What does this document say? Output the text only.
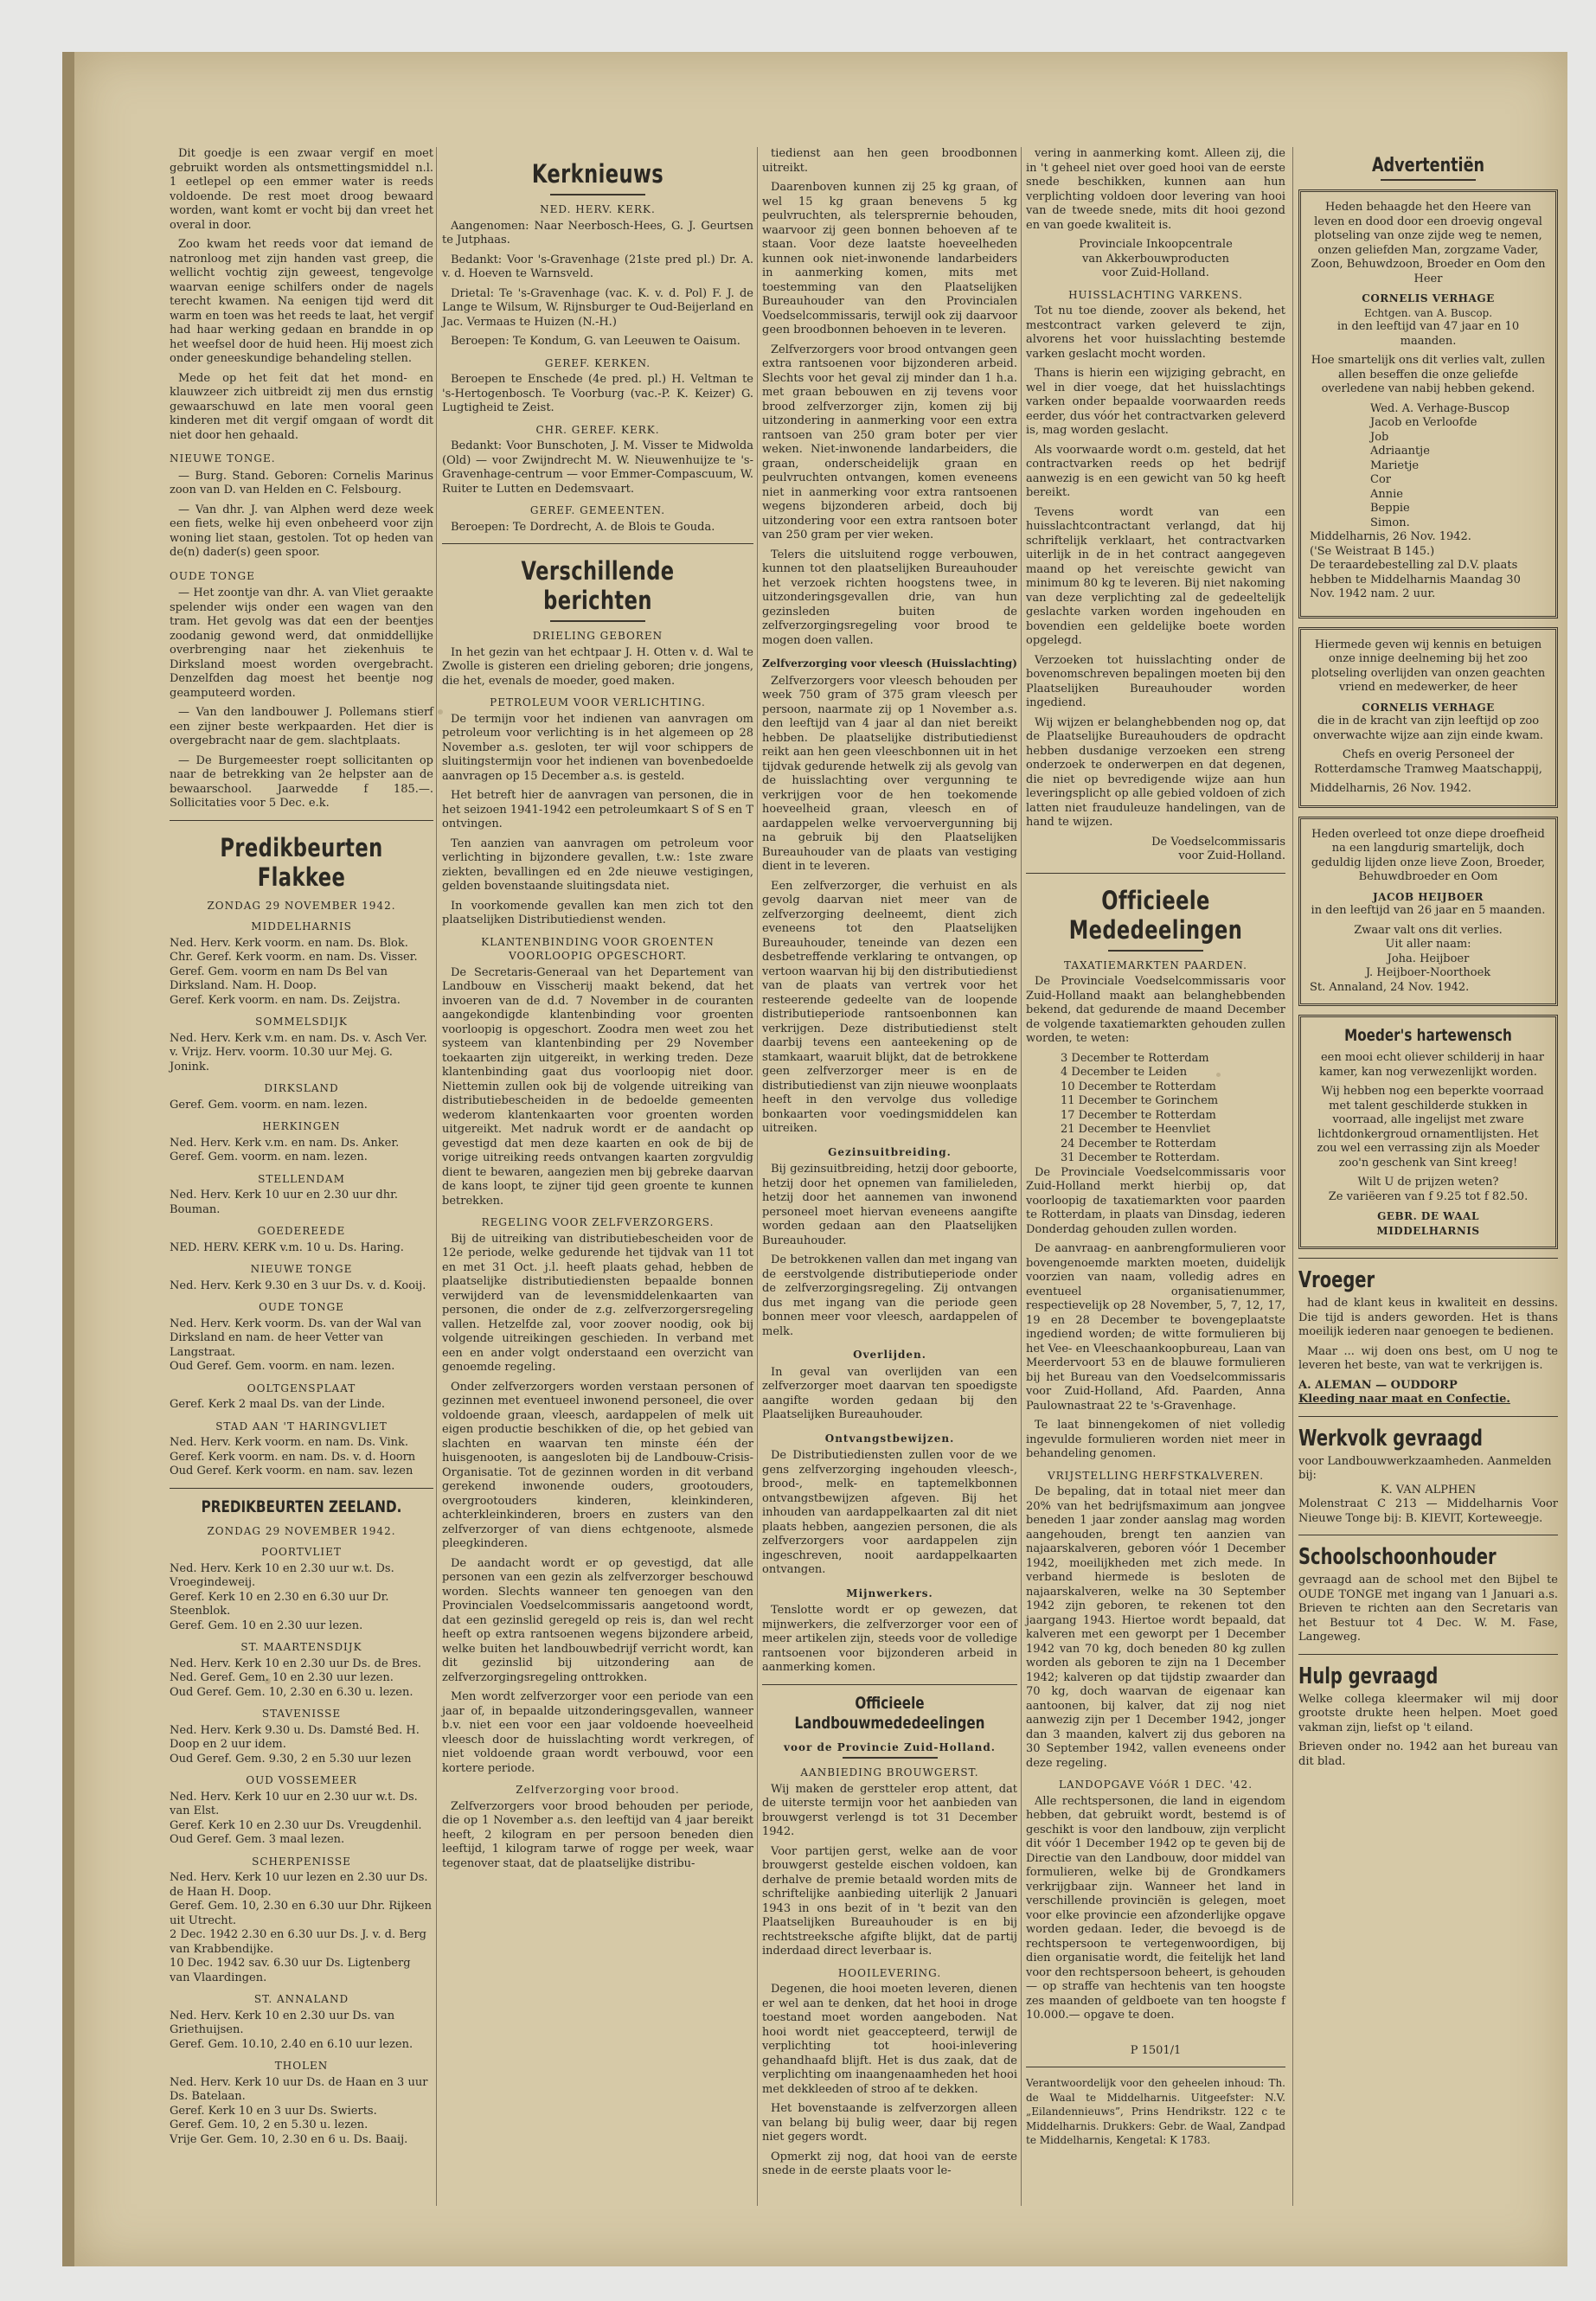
Dit goedje is een zwaar vergif en moet gebruikt worden als ontsmettingsmiddel n.l. 1 eetlepel op een emmer water is reeds voldoende. De rest moet droog bewaard worden, want komt er vocht bij dan vreet het overal in door.

Zoo kwam het reeds voor dat iemand de natronloog met zijn handen vast greep, die wellicht vochtig zijn geweest, tengevolge waarvan eenige schilfers onder de nagels terecht kwamen. Na eenigen tijd werd dit warm en toen was het reeds te laat, het vergif had haar werking gedaan en brandde in op het weefsel door de huid heen. Hij moest zich onder geneeskundige behandeling stellen.

Mede op het feit dat het mond- en klauwzeer zich uitbreidt zij men dus ernstig gewaarschuwd en late men vooral geen kinderen met dit vergif omgaan of wordt dit niet door hen gehaald.

NIEUWE TONGE.

— Burg. Stand. Geboren: Cornelis Marinus zoon van D. van Helden en C. Felsbourg.

— Van dhr. J. van Alphen werd deze week een fiets, welke hij even onbeheerd voor zijn woning liet staan, gestolen. Tot op heden van de(n) dader(s) geen spoor.

OUDE TONGE

— Het zoontje van dhr. A. van Vliet geraakte spelender wijs onder een wagen van den tram. Het gevolg was dat een der beentjes zoodanig gewond werd, dat onmiddellijke overbrenging naar het ziekenhuis te Dirksland moest worden overgebracht. Denzelfden dag moest het beentje nog geamputeerd worden.

— Van den landbouwer J. Pollemans stierf een zijner beste werkpaarden. Het dier is overgebracht naar de gem. slachtplaats.

— De Burgemeester roept sollicitanten op naar de betrekking van 2e helpster aan de bewaarschool. Jaarwedde f 185.—. Sollicitaties voor 5 Dec. e.k.

Predikbeurten Flakkee
ZONDAG 29 NOVEMBER 1942.
MIDDELHARNIS
Ned. Herv. Kerk voorm. en nam. Ds. Blok.
Chr. Geref. Kerk voorm. en nam. Ds. Visser.
Geref. Gem. voorm en nam Ds Bel van Dirksland. Nam. H. Doop.
Geref. Kerk voorm. en nam. Ds. Zeijstra.
SOMMELSDIJK
Ned. Herv. Kerk v.m. en nam. Ds. v. Asch Ver. v. Vrijz. Herv. voorm. 10.30 uur Mej. G. Jonink.
DIRKSLAND
Geref. Gem. voorm. en nam. lezen.
HERKINGEN
Ned. Herv. Kerk v.m. en nam. Ds. Anker.
Geref. Gem. voorm. en nam. lezen.
STELLENDAM
Ned. Herv. Kerk 10 uur en 2.30 uur dhr. Bouman.
GOEDEREEDE
NED. HERV. KERK v.m. 10 u. Ds. Haring.
NIEUWE TONGE
Ned. Herv. Kerk 9.30 en 3 uur Ds. v. d. Kooij.
OUDE TONGE
Ned. Herv. Kerk voorm. Ds. van der Wal van Dirksland en nam. de heer Vetter van Langstraat.
Oud Geref. Gem. voorm. en nam. lezen.
OOLTGENSPLAAT
Geref. Kerk 2 maal Ds. van der Linde.
STAD AAN 'T HARINGVLIET
Ned. Herv. Kerk voorm. en nam. Ds. Vink.
Geref. Kerk voorm. en nam. Ds. v. d. Hoorn
Oud Geref. Kerk voorm. en nam. sav. lezen
PREDIKBEURTEN ZEELAND.
ZONDAG 29 NOVEMBER 1942.
POORTVLIET
Ned. Herv. Kerk 10 en 2.30 uur w.t. Ds. Vroegindeweij.
Geref. Kerk 10 en 2.30 en 6.30 uur Dr. Steenblok.
Geref. Gem. 10 en 2.30 uur lezen.
ST. MAARTENSDIJK
Ned. Herv. Kerk 10 en 2.30 uur Ds. de Bres.
Ned. Geref. Gem. 10 en 2.30 uur lezen.
Oud Geref. Gem. 10, 2.30 en 6.30 u. lezen.
STAVENISSE
Ned. Herv. Kerk 9.30 u. Ds. Damsté Bed. H. Doop en 2 uur idem.
Oud Geref. Gem. 9.30, 2 en 5.30 uur lezen
OUD VOSSEMEER
Ned. Herv. Kerk 10 uur en 2.30 uur w.t. Ds. van Elst.
Geref. Kerk 10 en 2.30 uur Ds. Vreugdenhil.
Oud Geref. Gem. 3 maal lezen.
SCHERPENISSE
Ned. Herv. Kerk 10 uur lezen en 2.30 uur Ds. de Haan H. Doop.
Geref. Gem. 10, 2.30 en 6.30 uur Dhr. Rijkeen uit Utrecht.
2 Dec. 1942 2.30 en 6.30 uur Ds. J. v. d. Berg van Krabbendijke.
10 Dec. 1942 sav. 6.30 uur Ds. Ligtenberg van Vlaardingen.
ST. ANNALAND
Ned. Herv. Kerk 10 en 2.30 uur Ds. van Griethuijsen.
Geref. Gem. 10.10, 2.40 en 6.10 uur lezen.
THOLEN
Ned. Herv. Kerk 10 uur Ds. de Haan en 3 uur Ds. Batelaan.
Geref. Kerk 10 en 3 uur Ds. Swierts.
Geref. Gem. 10, 2 en 5.30 u. lezen.
Vrije Ger. Gem. 10, 2.30 en 6 u. Ds. Baaij.
Kerknieuws
NED. HERV. KERK.

Aangenomen: Naar Neerbosch-Hees, G. J. Geurtsen te Jutphaas.

Bedankt: Voor 's-Gravenhage (21ste pred pl.) Dr. A. v. d. Hoeven te Warnsveld.

Drietal: Te 's-Gravenhage (vac. K. v. d. Pol) F. J. de Lange te Wilsum, W. Rijnsburger te Oud-Beijerland en Jac. Vermaas te Huizen (N.-H.)

Beroepen: Te Kondum, G. van Leeuwen te Oaisum.

GEREF. KERKEN.

Beroepen te Enschede (4e pred. pl.) H. Veltman te 's-Hertogenbosch. Te Voorburg (vac.-P. K. Keizer) G. Lugtigheid te Zeist.

CHR. GEREF. KERK.

Bedankt: Voor Bunschoten, J. M. Visser te Midwolda (Old) — voor Zwijndrecht M. W. Nieuwenhuijze te 's-Gravenhage-centrum — voor Emmer-Compascuum, W. Ruiter te Lutten en Dedemsvaart.

GEREF. GEMEENTEN.

Beroepen: Te Dordrecht, A. de Blois te Gouda.

Verschillende berichten
DRIELING GEBOREN

In het gezin van het echtpaar J. H. Otten v. d. Wal te Zwolle is gisteren een drieling geboren; drie jongens, die het, evenals de moeder, goed maken.

PETROLEUM VOOR VERLICHTING.

De termijn voor het indienen van aanvragen om petroleum voor verlichting is in het algemeen op 28 November a.s. gesloten, ter wijl voor schippers de sluitingstermijn voor het indienen van bovenbedoelde aanvragen op 15 December a.s. is gesteld.

Het betreft hier de aanvragen van personen, die in het seizoen 1941-1942 een petroleumkaart S of S en T ontvingen.

Ten aanzien van aanvragen om petroleum voor verlichting in bijzondere gevallen, t.w.: 1ste zware ziekten, bevallingen ed en 2de nieuwe vestigingen, gelden bovenstaande sluitingsdata niet.

In voorkomende gevallen kan men zich tot den plaatselijken Distributiedienst wenden.

KLANTENBINDING VOOR GROENTEN VOORLOOPIG OPGESCHORT.

De Secretaris-Generaal van het Departement van Landbouw en Visscherij maakt bekend, dat het invoeren van de d.d. 7 November in de couranten aangekondigde klantenbinding voor groenten voorloopig is opgeschort. Zoodra men weet zou het systeem van klantenbinding per 29 November toekaarten zijn uitgereikt, in werking treden. Deze klantenbinding gaat dus voorloopig niet door. Niettemin zullen ook bij de volgende uitreiking van distributiebescheiden in de bedoelde gemeenten wederom klantenkaarten voor groenten worden uitgereikt. Met nadruk wordt er de aandacht op gevestigd dat men deze kaarten en ook de bij de vorige uitreiking reeds ontvangen kaarten zorgvuldig dient te bewaren, aangezien men bij gebreke daarvan de kans loopt, te zijner tijd geen groente te kunnen betrekken.

REGELING VOOR ZELFVERZORGERS.

Bij de uitreiking van distributiebescheiden voor de 12e periode, welke gedurende het tijdvak van 11 tot en met 31 Oct. j.l. heeft plaats gehad, hebben de plaatselijke distributiediensten bepaalde bonnen verwijderd van de levensmiddelenkaarten van personen, die onder de z.g. zelfverzorgersregeling vallen. Hetzelfde zal, voor zoover noodig, ook bij volgende uitreikingen geschieden. In verband met een en ander volgt onderstaand een overzicht van genoemde regeling.

Onder zelfverzorgers worden verstaan personen of gezinnen met eventueel inwonend personeel, die over voldoende graan, vleesch, aardappelen of melk uit eigen productie beschikken of die, op het gebied van slachten en waarvan ten minste één der huisgenooten, is aangesloten bij de Landbouw-Crisis-Organisatie. Tot de gezinnen worden in dit verband gerekend inwonende ouders, grootouders, overgrootouders kinderen, kleinkinderen, achterkleinkinderen, broers en zusters van den zelfverzorger of van diens echtgenoote, alsmede pleegkinderen.

De aandacht wordt er op gevestigd, dat alle personen van een gezin als zelfverzorger beschouwd worden. Slechts wanneer ten genoegen van den Provincialen Voedselcommissaris aangetoond wordt, dat een gezinslid geregeld op reis is, dan wel recht heeft op extra rantsoenen wegens bijzondere arbeid, welke buiten het landbouwbedrijf verricht wordt, kan dit gezinslid bij uitzondering aan de zelfverzorgingsregeling onttrokken.

Men wordt zelfverzorger voor een periode van een jaar of, in bepaalde uitzonderingsgevallen, wanneer b.v. niet een voor een jaar voldoende hoeveelheid vleesch door de huisslachting wordt verkregen, of niet voldoende graan wordt verbouwd, voor een kortere periode.

Zelfverzorging voor brood.

Zelfverzorgers voor brood behouden per periode, die op 1 November a.s. den leeftijd van 4 jaar bereikt heeft, 2 kilogram en per persoon beneden dien leeftijd, 1 kilogram tarwe of rogge per week, waar tegenover staat, dat de plaatselijke distribu-

tiedienst aan hen geen broodbonnen uitreikt.

Daarenboven kunnen zij 25 kg graan, of wel 15 kg graan benevens 5 kg peulvruchten, als telersprernie behouden, waarvoor zij geen bonnen behoeven af te staan. Voor deze laatste hoeveelheden kunnen ook niet-inwonende landarbeiders in aanmerking komen, mits met toestemming van den Plaatselijken Bureauhouder van den Provincialen Voedselcommissaris, terwijl ook zij daarvoor geen broodbonnen behoeven in te leveren.

Zelfverzorgers voor brood ontvangen geen extra rantsoenen voor bijzonderen arbeid. Slechts voor het geval zij minder dan 1 h.a. met graan bebouwen en zij tevens voor brood zelfverzorger zijn, komen zij bij uitzondering in aanmerking voor een extra rantsoen van 250 gram boter per vier weken. Niet-inwonende landarbeiders, die graan, onderscheidelijk graan en peulvruchten ontvangen, komen eveneens niet in aanmerking voor extra rantsoenen wegens bijzonderen arbeid, doch bij uitzondering voor een extra rantsoen boter van 250 gram per vier weken.

Telers die uitsluitend rogge verbouwen, kunnen tot den plaatselijken Bureauhouder het verzoek richten hoogstens twee, in uitzonderingsgevallen drie, van hun gezinsleden buiten de zelfverzorgingsregeling voor brood te mogen doen vallen.

Zelfverzorging voor vleesch (Huisslachting)

Zelfverzorgers voor vleesch behouden per week 750 gram of 375 gram vleesch per persoon, naarmate zij op 1 November a.s. den leeftijd van 4 jaar al dan niet bereikt hebben. De plaatselijke distributiedienst reikt aan hen geen vleeschbonnen uit in het tijdvak gedurende hetwelk zij als gevolg van de huisslachting over vergunning te verkrijgen voor de hen toekomende hoeveelheid graan, vleesch en of aardappelen welke vervoervergunning bij na gebruik bij den Plaatselijken Bureauhouder van de plaats van vestiging dient in te leveren.

Een zelfverzorger, die verhuist en als gevolg daarvan niet meer van de zelfverzorging deelneemt, dient zich eveneens tot den Plaatselijken Bureauhouder, teneinde van dezen een desbetreffende verklaring te ontvangen, op vertoon waarvan hij bij den distributiedienst van de plaats van vertrek voor het resteerende gedeelte van de loopende distributieperiode rantsoenbonnen kan verkrijgen. Deze distributiedienst stelt daarbij tevens een aanteekening op de stamkaart, waaruit blijkt, dat de betrokkene geen zelfverzorger meer is en de distributiedienst van zijn nieuwe woonplaats heeft in den vervolge dus volledige bonkaarten voor voedingsmiddelen kan uitreiken.

Gezinsuitbreiding.

Bij gezinsuitbreiding, hetzij door geboorte, hetzij door het opnemen van familieleden, hetzij door het aannemen van inwonend personeel moet hiervan eveneens aangifte worden gedaan aan den Plaatselijken Bureauhouder.

De betrokkenen vallen dan met ingang van de eerstvolgende distributieperiode onder de zelfverzorgingsregeling. Zij ontvangen dus met ingang van die periode geen bonnen meer voor vleesch, aardappelen of melk.

Overlijden.

In geval van overlijden van een zelfverzorger moet daarvan ten spoedigste aangifte worden gedaan bij den Plaatselijken Bureauhouder.

Ontvangstbewijzen.

De Distributiediensten zullen voor de we gens zelfverzorging ingehouden vleesch-, brood-, melk- en taptemelkbonnen ontvangstbewijzen afgeven. Bij het inhouden van aardappelkaarten zal dit niet plaats hebben, aangezien personen, die als zelfverzorgers voor aardappelen zijn ingeschreven, nooit aardappelkaarten ontvangen.

Mijnwerkers.

Tenslotte wordt er op gewezen, dat mijnwerkers, die zelfverzorger voor een of meer artikelen zijn, steeds voor de volledige rantsoenen voor bijzonderen arbeid in aanmerking komen.

Officieele Landbouwmededeelingen
voor de Provincie Zuid-Holland.
AANBIEDING BROUWGERST.

Wij maken de gerstteler erop attent, dat de uiterste termijn voor het aanbieden van brouwgerst verlengd is tot 31 December 1942.

Voor partijen gerst, welke aan de voor brouwgerst gestelde eischen voldoen, kan derhalve de premie betaald worden mits de schriftelijke aanbieding uiterlijk 2 Januari 1943 in ons bezit of in 't bezit van den Plaatselijken Bureauhouder is en bij rechtstreeksche afgifte blijkt, dat de partij inderdaad direct leverbaar is.

HOOILEVERING.

Degenen, die hooi moeten leveren, dienen er wel aan te denken, dat het hooi in droge toestand moet worden aangeboden. Nat hooi wordt niet geaccepteerd, terwijl de verplichting tot hooi-inlevering gehandhaafd blijft. Het is dus zaak, dat de verplichting om inaangenaamheden het hooi met dekkleeden of stroo af te dekken.

Het bovenstaande is zelfverzorgen alleen van belang bij bulig weer, daar bij regen niet gegers wordt.

Opmerkt zij nog, dat hooi van de eerste snede in de eerste plaats voor le-

vering in aanmerking komt. Alleen zij, die in 't geheel niet over goed hooi van de eerste snede beschikken, kunnen aan hun verplichting voldoen door levering van hooi van de tweede snede, mits dit hooi gezond en van goede kwaliteit is.

Provinciale Inkoopcentrale
van Akkerbouwproducten
voor Zuid-Holland.
HUISSLACHTING VARKENS.

Tot nu toe diende, zoover als bekend, het mestcontract varken geleverd te zijn, alvorens het voor huisslachting bestemde varken geslacht mocht worden.

Thans is hierin een wijziging gebracht, en wel in dier voege, dat het huisslachtings varken onder bepaalde voorwaarden reeds eerder, dus vóór het contractvarken geleverd is, mag worden geslacht.

Als voorwaarde wordt o.m. gesteld, dat het contractvarken reeds op het bedrijf aanwezig is en een gewicht van 50 kg heeft bereikt.

Tevens wordt van een huisslachtcontractant verlangd, dat hij schriftelijk verklaart, het contractvarken uiterlijk in de in het contract aangegeven maand op het vereischte gewicht van minimum 80 kg te leveren. Bij niet nakoming van deze verplichting zal de gedeeltelijk geslachte varken worden ingehouden en bovendien een geldelijke boete worden opgelegd.

Verzoeken tot huisslachting onder de bovenomschreven bepalingen moeten bij den Plaatselijken Bureauhouder worden ingediend.

Wij wijzen er belanghebbenden nog op, dat de Plaatselijke Bureauhouders de opdracht hebben dusdanige verzoeken een streng onderzoek te onderwerpen en dat degenen, die niet op bevredigende wijze aan hun leveringsplicht op alle gebied voldoen of zich latten niet frauduleuze handelingen, van de hand te wijzen.

De Voedselcommissaris
voor Zuid-Holland.
Officieele Mededeelingen
TAXATIEMARKTEN PAARDEN.

De Provinciale Voedselcommissaris voor Zuid-Holland maakt aan belanghebbenden bekend, dat gedurende de maand December de volgende taxatiemarkten gehouden zullen worden, te weten:

3 December te Rotterdam
4 December te Leiden
10 December te Rotterdam
11 December te Gorinchem
17 December te Rotterdam
21 December te Heenvliet
24 December te Rotterdam
31 December te Rotterdam.

De Provinciale Voedselcommissaris voor Zuid-Holland merkt hierbij op, dat voorloopig de taxatiemarkten voor paarden te Rotterdam, in plaats van Dinsdag, iederen Donderdag gehouden zullen worden.

De aanvraag- en aanbrengformulieren voor bovengenoemde markten moeten, duidelijk voorzien van naam, volledig adres en eventueel organisatienummer, respectievelijk op 28 November, 5, 7, 12, 17, 19 en 28 December te bovengeplaatste ingediend worden; de witte formulieren bij het Vee- en Vleeschaankoopbureau, Laan van Meerdervoort 53 en de blauwe formulieren bij het Bureau van den Voedselcommissaris voor Zuid-Holland, Afd. Paarden, Anna Paulownastraat 22 te 's-Gravenhage.

Te laat binnengekomen of niet volledig ingevulde formulieren worden niet meer in behandeling genomen.

VRIJSTELLING HERFSTKALVEREN.

De bepaling, dat in totaal niet meer dan 20% van het bedrijfsmaximum aan jongvee beneden 1 jaar zonder aanslag mag worden aangehouden, brengt ten aanzien van najaarskalveren, geboren vóór 1 December 1942, moeilijkheden met zich mede. In verband hiermede is besloten de najaarskalveren, welke na 30 September 1942 zijn geboren, te rekenen tot den jaargang 1943. Hiertoe wordt bepaald, dat kalveren met een geworpt per 1 December 1942 van 70 kg, doch beneden 80 kg zullen worden als geboren te zijn na 1 December 1942; kalveren op dat tijdstip zwaarder dan 70 kg, doch waarvan de eigenaar kan aantoonen, bij kalver, dat zij nog niet aanwezig zijn per 1 December 1942, jonger dan 3 maanden, kalvert zij dus geboren na 30 September 1942, vallen eveneens onder deze regeling.

LANDOPGAVE VóóR 1 DEC. '42.

Alle rechtspersonen, die land in eigendom hebben, dat gebruikt wordt, bestemd is of geschikt is voor den landbouw, zijn verplicht dit vóór 1 December 1942 op te geven bij de Directie van den Landbouw, door middel van formulieren, welke bij de Grondkamers verkrijgbaar zijn. Wanneer het land in verschillende provinciën is gelegen, moet voor elke provincie een afzonderlijke opgave worden gedaan. Ieder, die bevoegd is de rechtspersoon te vertegenwoordigen, bij dien organisatie wordt, die feitelijk het land voor den rechtspersoon beheert, is gehouden — op straffe van hechtenis van ten hoogste zes maanden of geldboete van ten hoogste f 10.000.— opgave te doen.

P 1501/1

Verantwoordelijk voor den geheelen inhoud: Th. de Waal te Middelharnis. Uitgeefster: N.V. „Eilandennieuws”, Prins Hendrikstr. 122 c te Middelharnis. Drukkers: Gebr. de Waal, Zandpad te Middelharnis, Kengetal: K 1783.

Advertentiën

Heden behaagde het den Heere van leven en dood door een droevig ongeval plotseling van onze zijde weg te nemen, onzen geliefden Man, zorgzame Vader, Zoon, Behuwdzoon, Broeder en Oom den Heer

CORNELIS VERHAGE
Echtgen. van A. Buscop.

in den leeftijd van 47 jaar en 10 maanden.

Hoe smartelijk ons dit verlies valt, zullen allen beseffen die onze geliefde overledene van nabij hebben gekend.

Wed. A. Verhage-Buscop
Jacob en Verloofde
Job
Adriaantje
Marietje
Cor
Annie
Beppie
Simon.
Middelharnis, 26 Nov. 1942.
('Se Weistraat B 145.)

De teraardebestelling zal D.V. plaats hebben te Middelharnis Maandag 30 Nov. 1942 nam. 2 uur.

Hiermede geven wij kennis en betuigen onze innige deelneming bij het zoo plotseling overlijden van onzen geachten vriend en medewerker, de heer

CORNELIS VERHAGE

die in de kracht van zijn leeftijd op zoo onverwachte wijze aan zijn einde kwam.

Chefs en overig Personeel der Rotterdamsche Tramweg Maatschappij,

Middelharnis, 26 Nov. 1942.

Heden overleed tot onze diepe droefheid na een langdurig smartelijk, doch geduldig lijden onze lieve Zoon, Broeder, Behuwdbroeder en Oom

JACOB HEIJBOER

in den leeftijd van 26 jaar en 5 maanden.

Zwaar valt ons dit verlies.
Uit aller naam:
Joha. Heijboer
J. Heijboer-Noorthoek
St. Annaland, 24 Nov. 1942.
Moeder's hartewensch

een mooi echt oliever schilderij in haar kamer, kan nog verwezenlijkt worden.

Wij hebben nog een beperkte voorraad met talent geschilderde stukken in voorraad, alle ingelijst met zware lichtdonkergroud ornamentlijsten. Het zou wel een verrassing zijn als Moeder zoo'n geschenk van Sint kreeg!

Wilt U de prijzen weten?
Ze variëeren van f 9.25 tot f 82.50.
GEBR. DE WAAL
MIDDELHARNIS
Vroeger

had de klant keus in kwaliteit en dessins. Die tijd is anders geworden. Het is thans moeilijk iederen naar genoegen te bedienen.

Maar ... wij doen ons best, om U nog te leveren het beste, van wat te verkrijgen is.

A. ALEMAN — OUDDORP
Kleeding naar maat en Confectie.
Werkvolk gevraagd
voor Landbouwwerkzaamheden. Aanmelden bij:
K. VAN ALPHEN

Molenstraat C 213 — Middelharnis Voor Nieuwe Tonge bij: B. KIEVIT, Korteweegje.

Schoolschoonhouder

gevraagd aan de school met den Bijbel te OUDE TONGE met ingang van 1 Januari a.s. Brieven te richten aan den Secretaris van het Bestuur tot 4 Dec. W. M. Fase, Langeweg.

Hulp gevraagd

Welke collega kleermaker wil mij door grootste drukte heen helpen. Moet goed vakman zijn, liefst op 't eiland.

Brieven onder no. 1942 aan het bureau van dit blad.
